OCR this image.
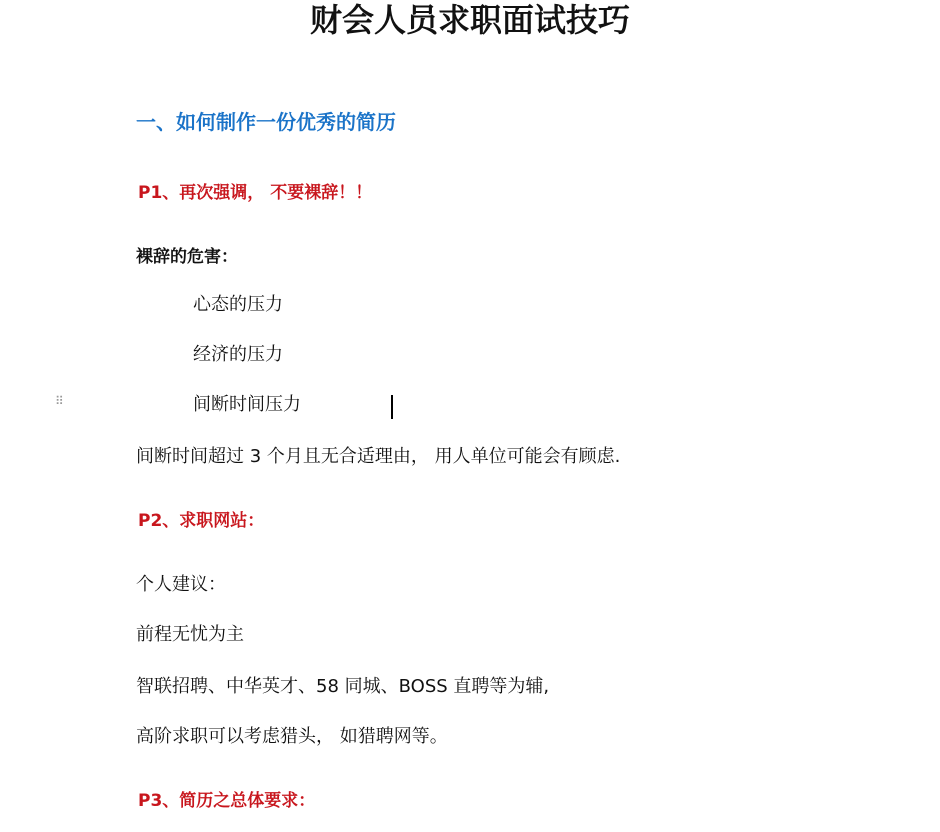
财会人员求职面试技巧
一、如何制作一份优秀的简历
P1、再次强调， 不要裸辞！！
裸辞的危害：
心态的压力
经济的压力
⠿	间断时间压力
间断时间超过 3 个月且无合适理由， 用人单位可能会有顾虑.
P2、求职网站：
个人建议：
前程无忧为主
智联招聘、中华英才、58 同城、BOSS 直聘等为辅,
高阶求职可以考虑猎头， 如猎聘网等。
P3、简历之总体要求：
